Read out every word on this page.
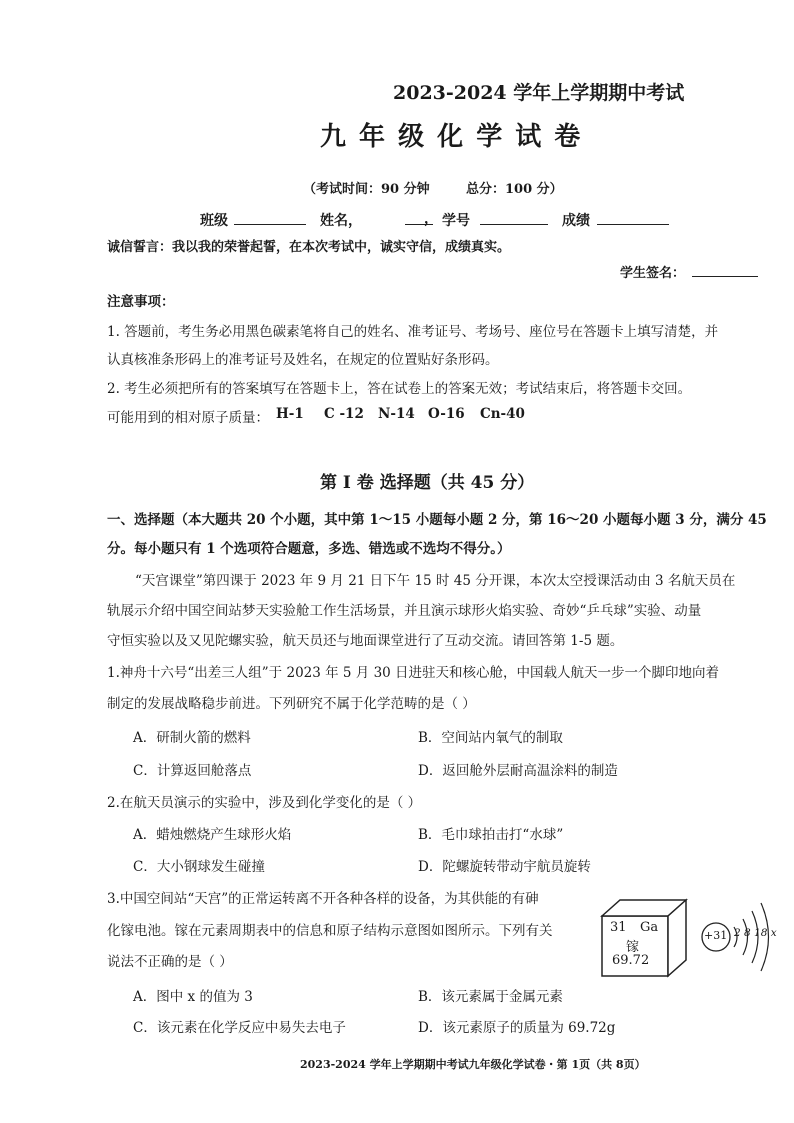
2023-2024 学年上学期期中考试
九 年 级 化 学 试 卷
（考试时间：90 分钟	总分：100 分）
班级	姓名，	， 学号	成绩
诚信誓言：我以我的荣誉起誓，在本次考试中，诚实守信，成绩真实。
学生签名：
注意事项：
1. 答题前，考生务必用黑色碳素笔将自己的姓名、准考证号、考场号、座位号在答题卡上填写清楚，并
认真核准条形码上的准考证号及姓名，在规定的位置贴好条形码。
2. 考生必须把所有的答案填写在答题卡上，答在试卷上的答案无效；考试结束后，将答题卡交回。
可能用到的相对原子质量： H-1 C -12 N-14 O-16 Cn-40
第 I 卷 选择题（共 45 分）
一、选择题（本大题共 20 个小题，其中第 1～15 小题每小题 2 分，第 16～20 小题每小题 3 分，满分 45
分。每小题只有 1 个选项符合题意，多选、错选或不选均不得分。）
“天宫课堂”第四课于 2023 年 9 月 21 日下午 15 时 45 分开课，本次太空授课活动由 3 名航天员在
轨展示介绍中国空间站梦天实验舱工作生活场景，并且演示球形火焰实验、奇妙“乒乓球”实验、动量
守恒实验以及又见陀螺实验，航天员还与地面课堂进行了互动交流。请回答第 1-5 题。
1.神舟十六号“出差三人组”于 2023 年 5 月 30 日进驻天和核心舱，中国载人航天一步一个脚印地向着
制定的发展战略稳步前进。下列研究不属于化学范畴的是（ ）
A．研制火箭的燃料	B．空间站内氧气的制取
C．计算返回舱落点	D．返回舱外层耐高温涂料的制造
2.在航天员演示的实验中，涉及到化学变化的是（ ）
A．蜡烛燃烧产生球形火焰	B．毛巾球拍击打“水球”
C．大小钢球发生碰撞	D．陀螺旋转带动宇航员旋转
3.中国空间站“天宫”的正常运转离不开各种各样的设备，为其供能的有砷
化镓电池。镓在元素周期表中的信息和原子结构示意图如图所示。下列有关
说法不正确的是（ ）
A．图中 x 的值为 3	B．该元素属于金属元素
C．该元素在化学反应中易失去电子	D．该元素原子的质量为 69.72g
31 Ga
镓
69.72
+31 2 8 18 x
2023-2024 学年上学期期中考试九年级化学试卷・第 1页（共 8页）
